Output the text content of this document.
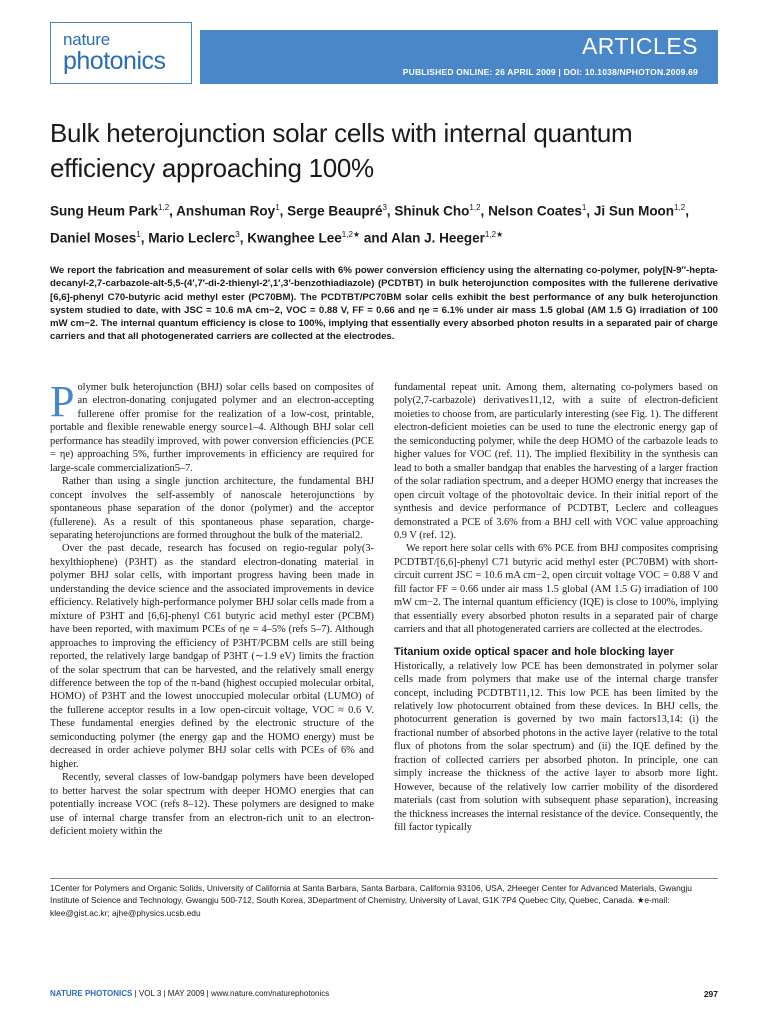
nature
photonics
ARTICLES
PUBLISHED ONLINE: 26 APRIL 2009 | DOI: 10.1038/NPHOTON.2009.69
Bulk heterojunction solar cells with internal quantum efficiency approaching 100%
Sung Heum Park$^{1,2}$, Anshuman Roy$^1$, Serge Beaupré$^3$, Shinuk Cho$^{1,2}$, Nelson Coates$^1$, Ji Sun Moon$^{1,2}$, Daniel Moses$^1$, Mario Leclerc$^3$, Kwanghee Lee$^{1,2★}$ and Alan J. Heeger$^{1,2★}$
We report the fabrication and measurement of solar cells with 6% power conversion efficiency using the alternating co-polymer, poly[N-9′′-hepta-decanyl-2,7-carbazole-alt-5,5-(4′,7′-di-2-thienyl-2′,1′,3′-benzothiadiazole) (PCDTBT) in bulk heterojunction composites with the fullerene derivative [6,6]-phenyl C70-butyric acid methyl ester (PC70BM). The PCDTBT/PC70BM solar cells exhibit the best performance of any bulk heterojunction system studied to date, with JSC = 10.6 mA cm−2, VOC = 0.88 V, FF = 0.66 and ηe = 6.1% under air mass 1.5 global (AM 1.5 G) irradiation of 100 mW cm−2. The internal quantum efficiency is close to 100%, implying that essentially every absorbed photon results in a separated pair of charge carriers and that all photogenerated carriers are collected at the electrodes.

Polymer bulk heterojunction (BHJ) solar cells based on composites of an electron-donating conjugated polymer and an electron-accepting fullerene offer promise for the realization of a low-cost, printable, portable and flexible renewable energy source1–4. Although BHJ solar cell performance has steadily improved, with power conversion efficiencies (PCE = ηe) approaching 5%, further improvements in efficiency are required for large-scale commercialization5–7.

Rather than using a single junction architecture, the fundamental BHJ concept involves the self-assembly of nanoscale heterojunctions by spontaneous phase separation of the donor (polymer) and the acceptor (fullerene). As a result of this spontaneous phase separation, charge-separating heterojunctions are formed throughout the bulk of the material2.

Over the past decade, research has focused on regio-regular poly(3-hexylthiophene) (P3HT) as the standard electron-donating material in polymer BHJ solar cells, with important progress having been made in understanding the device science and the associated improvements in device efficiency. Relatively high-performance polymer BHJ solar cells made from a mixture of P3HT and [6,6]-phenyl C61 butyric acid methyl ester (PCBM) have been reported, with maximum PCEs of ηe = 4–5% (refs 5–7). Although approaches to improving the efficiency of P3HT/PCBM cells are still being reported, the relatively large bandgap of P3HT (∼1.9 eV) limits the fraction of the solar spectrum that can be harvested, and the relatively small energy difference between the top of the π-band (highest occupied molecular orbital, HOMO) of P3HT and the lowest unoccupied molecular orbital (LUMO) of the fullerene acceptor results in a low open-circuit voltage, VOC ≈ 0.6 V. These fundamental energies defined by the electronic structure of the semiconducting polymer (the energy gap and the HOMO energy) must be decreased in order achieve polymer BHJ solar cells with PCEs of 6% and higher.

Recently, several classes of low-bandgap polymers have been developed to better harvest the solar spectrum with deeper HOMO energies that can potentially increase VOC (refs 8–12). These polymers are designed to make use of internal charge transfer from an electron-rich unit to an electron-deficient moiety within the

fundamental repeat unit. Among them, alternating co-polymers based on poly(2,7-carbazole) derivatives11,12, with a suite of electron-deficient moieties to choose from, are particularly interesting (see Fig. 1). The different electron-deficient moieties can be used to tune the electronic energy gap of the semiconducting polymer, while the deep HOMO of the carbazole leads to higher values for VOC (ref. 11). The implied flexibility in the synthesis can lead to both a smaller bandgap that enables the harvesting of a larger fraction of the solar radiation spectrum, and a deeper HOMO energy that increases the open circuit voltage of the photovoltaic device. In their initial report of the synthesis and device performance of PCDTBT, Leclerc and colleagues demonstrated a PCE of 3.6% from a BHJ cell with VOC value approaching 0.9 V (ref. 12).

We report here solar cells with 6% PCE from BHJ composites comprising PCDTBT/[6,6]-phenyl C71 butyric acid methyl ester (PC70BM) with short-circuit current JSC = 10.6 mA cm−2, open circuit voltage VOC = 0.88 V and fill factor FF = 0.66 under air mass 1.5 global (AM 1.5 G) irradiation of 100 mW cm−2. The internal quantum efficiency (IQE) is close to 100%, implying that essentially every absorbed photon results in a separated pair of charge carriers and that all photogenerated carriers are collected at the electrodes.

Titanium oxide optical spacer and hole blocking layer

Historically, a relatively low PCE has been demonstrated in polymer solar cells made from polymers that make use of the internal charge transfer concept, including PCDTBT11,12. This low PCE has been limited by the relatively low photocurrent obtained from these devices. In BHJ cells, the photocurrent generation is governed by two main factors13,14: (i) the fractional number of absorbed photons in the active layer (relative to the total flux of photons from the solar spectrum) and (ii) the IQE defined by the fraction of collected carriers per absorbed photon. In principle, one can simply increase the thickness of the active layer to absorb more light. However, because of the relatively low carrier mobility of the disordered materials (cast from solution with subsequent phase separation), increasing the thickness increases the internal resistance of the device. Consequently, the fill factor typically

1Center for Polymers and Organic Solids, University of California at Santa Barbara, Santa Barbara, California 93106, USA, 2Heeger Center for Advanced Materials, Gwangju Institute of Science and Technology, Gwangju 500-712, South Korea, 3Department of Chemistry, University of Laval, G1K 7P4 Quebec City, Quebec, Canada. ★e-mail: klee@gist.ac.kr; ajhe@physics.ucsb.edu
NATURE PHOTONICS | VOL 3 | MAY 2009 | www.nature.com/naturephotonics	297
